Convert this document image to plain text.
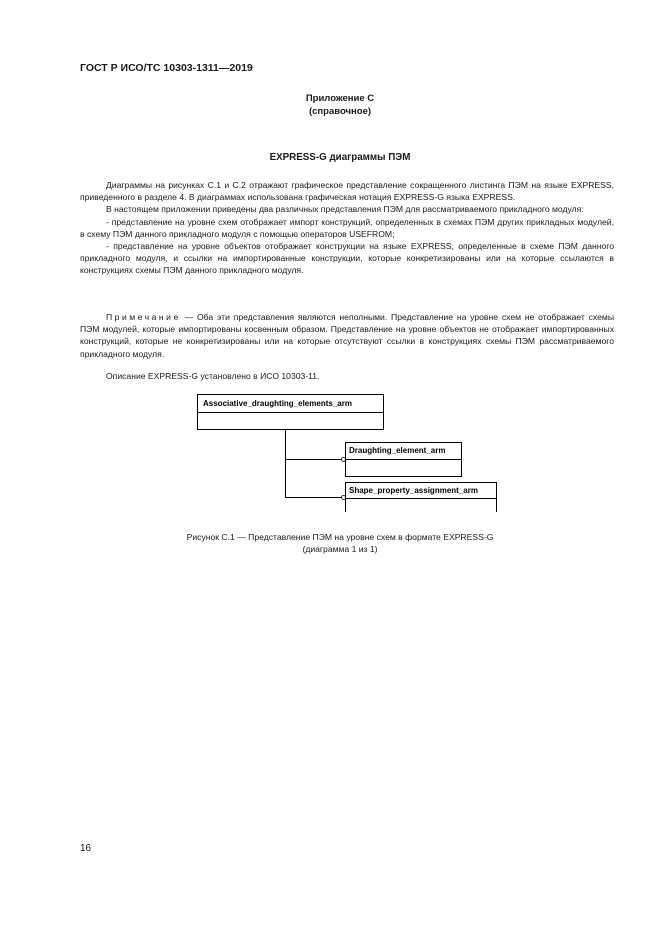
ГОСТ Р ИСО/ТС 10303-1311—2019
Приложение С
(справочное)
EXPRESS-G диаграммы ПЭМ

Диаграммы на рисунках С.1 и С.2 отражают графическое представление сокращенного листинга ПЭМ на языке EXPRESS, приведенного в разделе 4. В диаграммах использована графическая нотация EXPRESS-G языка EXPRESS.

В настоящем приложении приведены два различных представления ПЭМ для рассматриваемого прикладного модуля:

- представление на уровне схем отображает импорт конструкций, определенных в схемах ПЭМ других прикладных модулей, в схему ПЭМ данного прикладного модуля с помощью операторов USEFROM;

- представление на уровне объектов отображает конструкции на языке EXPRESS, определенные в схеме ПЭМ данного прикладного модуля, и ссылки на импортированные конструкции, которые конкретизированы или на которые ссылаются в конструкциях схемы ПЭМ данного прикладного модуля.

Примечание — Оба эти представления являются неполными. Представление на уровне схем не отображает схемы ПЭМ модулей, которые импортированы косвенным образом. Представление на уровне объектов не отображает импортированных конструкций, которые не конкретизированы или на которые отсутствуют ссылки в конструкциях схемы ПЭМ рассматриваемого прикладного модуля.

Описание EXPRESS-G установлено в ИСО 10303-11.

Associative_draughting_elements_arm
Draughting_element_arm
Shape_property_assignment_arm
Рисунок С.1 — Представление ПЭМ на уровне схем в формате EXPRESS-G
(диаграмма 1 из 1)
16
